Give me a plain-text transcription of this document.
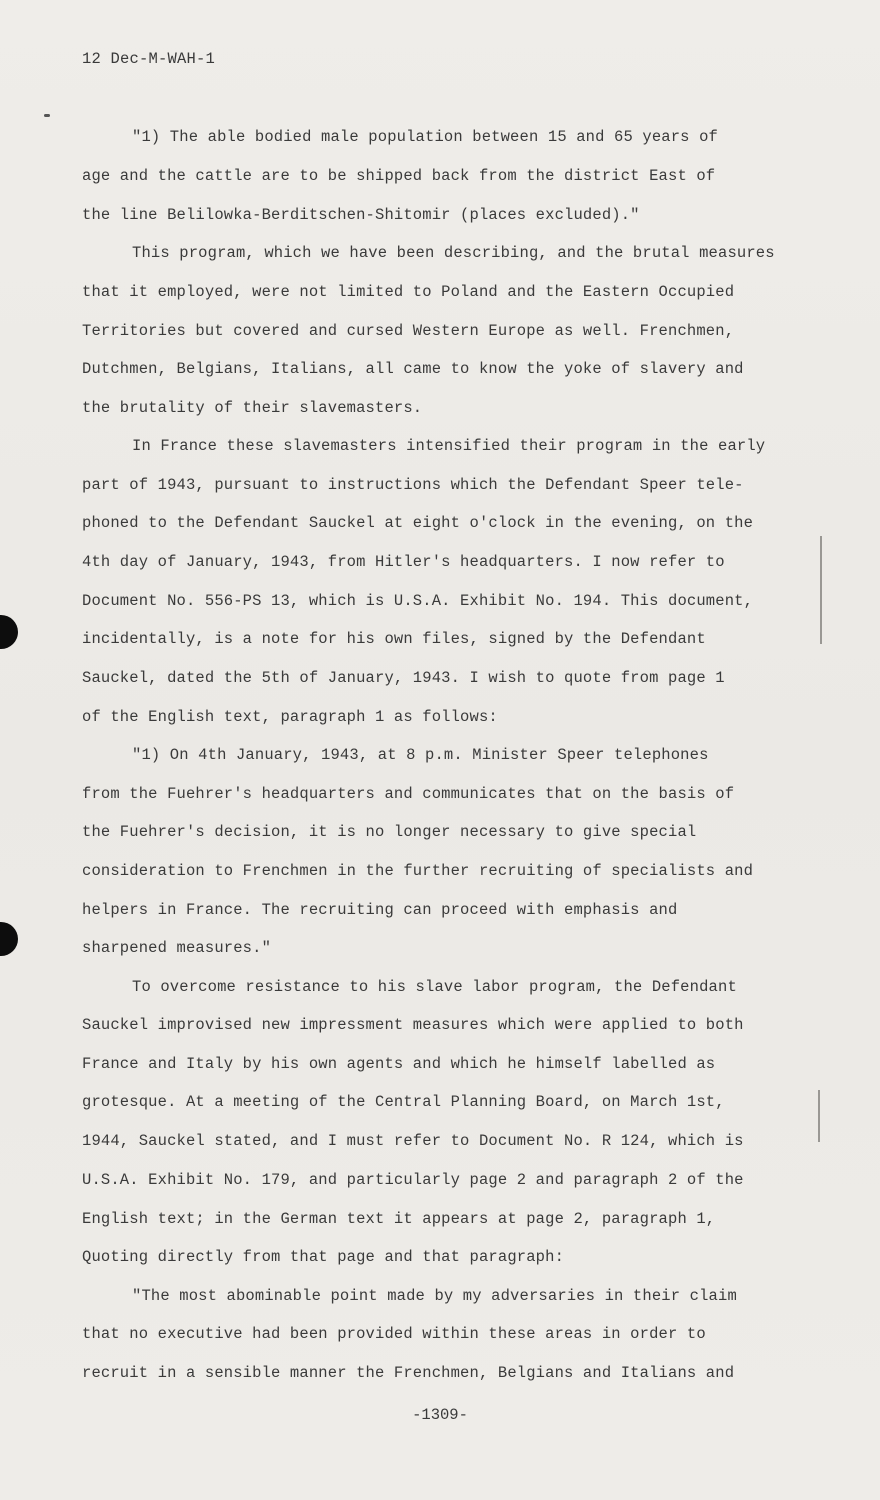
12 Dec-M-WAH-1
"1) The able bodied male population between 15 and 65 years of
age and the cattle are to be shipped back from the district East of
the line Belilowka-Berditschen-Shitomir (places excluded)."
This program, which we have been describing, and the brutal measures
that it employed, were not limited to Poland and the Eastern Occupied
Territories but covered and cursed Western Europe as well. Frenchmen,
Dutchmen, Belgians, Italians, all came to know the yoke of slavery and
the brutality of their slavemasters.
In France these slavemasters intensified their program in the early
part of 1943, pursuant to instructions which the Defendant Speer tele-
phoned to the Defendant Sauckel at eight o'clock in the evening, on the
4th day of January, 1943, from Hitler's headquarters. I now refer to
Document No. 556-PS 13, which is U.S.A. Exhibit No. 194. This document,
incidentally, is a note for his own files, signed by the Defendant
Sauckel, dated the 5th of January, 1943. I wish to quote from page 1
of the English text, paragraph 1 as follows:
"1) On 4th January, 1943, at 8 p.m. Minister Speer telephones
from the Fuehrer's headquarters and communicates that on the basis of
the Fuehrer's decision, it is no longer necessary to give special
consideration to Frenchmen in the further recruiting of specialists and
helpers in France. The recruiting can proceed with emphasis and
sharpened measures."
To overcome resistance to his slave labor program, the Defendant
Sauckel improvised new impressment measures which were applied to both
France and Italy by his own agents and which he himself labelled as
grotesque. At a meeting of the Central Planning Board, on March 1st,
1944, Sauckel stated, and I must refer to Document No. R 124, which is
U.S.A. Exhibit No. 179, and particularly page 2 and paragraph 2 of the
English text; in the German text it appears at page 2, paragraph 1,
Quoting directly from that page and that paragraph:
"The most abominable point made by my adversaries in their claim
that no executive had been provided within these areas in order to
recruit in a sensible manner the Frenchmen, Belgians and Italians and
-1309-
